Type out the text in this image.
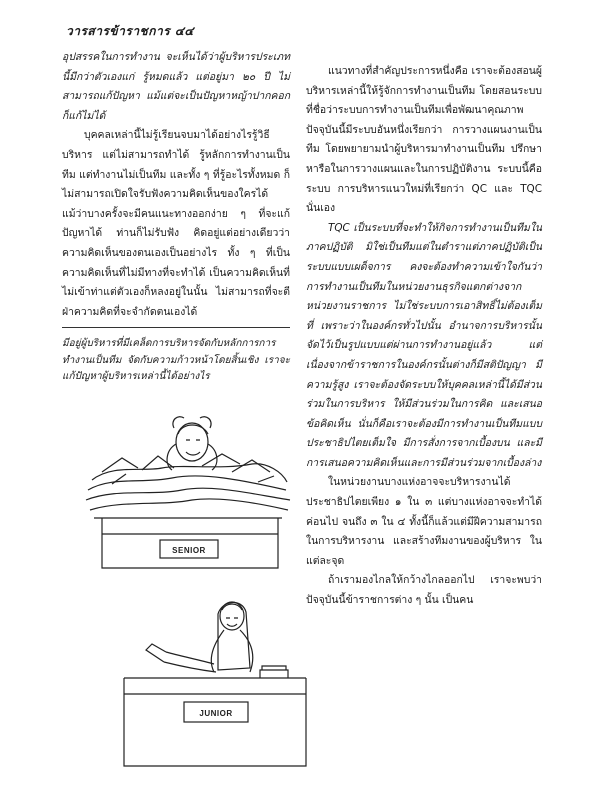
วารสารข้าราชการ ๔๔

อุปสรรคในการทำงาน จะเห็นได้ว่าผู้บริหารประเภทนี้มีกว่าตัวเองแก่ รู้หมดแล้ว แต่อยู่มา ๒๐ ปี ไม่สามารถแก้ปัญหา แม้แต่จะเป็นปัญหาหญ้าปากคอกก็แก้ไม่ได้

บุคคลเหล่านี้ไม่รู้เรียนจบมาได้อย่างไรรู้วิธีบริหาร แต่ไม่สามารถทำได้ รู้หลักการทำงานเป็นทีม แต่ทำงานไม่เป็นทีม และทั้ง ๆ ที่รู้อะไรทั้งหมด ก็ไม่สามารถเปิดใจรับฟังความคิดเห็นของใครได้ แม้ว่าบางครั้งจะมีคนแนะทางออกง่าย ๆ ที่จะแก้ปัญหาได้ ท่านก็ไม่รับฟัง คิดอยู่แต่อย่างเดียวว่า ความคิดเห็นของตนเองเป็นอย่างไร ทั้ง ๆ ที่เป็นความคิดเห็นที่ไม่มีทางที่จะทำได้ เป็นความคิดเห็นที่ไม่เข้าท่าแต่ตัวเองก็หลงอยู่ในนั้น ไม่สามารถที่จะตีฝ่าความคิดที่จะจำกัดตนเองได้

มีอยู่ผู้บริหารที่มีเคล็ดการบริหารจัดกับหลักการการทำงานเป็นทีม จัดกับความก้าวหน้าโดยสิ้นเชิง เราจะแก้ปัญหาผู้บริหารเหล่านี้ได้อย่างไร

แนวทางที่สำคัญประการหนึ่งคือ เราจะต้องสอนผู้บริหารเหล่านี้ให้รู้จักการทำงานเป็นทีม โดยสอนระบบที่ชื่อว่าระบบการทำงานเป็นทีมเพื่อพัฒนาคุณภาพ ปัจจุบันนี้มีระบบอันหนึ่งเรียกว่า การวางแผนงานเป็นทีม โดยพยายามนำผู้บริหารมาทำงานเป็นทีม ปรึกษาหารือในการวางแผนและในการปฏิบัติงาน ระบบนี้คือระบบ การบริหารแนวใหม่ที่เรียกว่า QC และ TQC นั่นเอง

TQC เป็นระบบที่จะทำให้กิจการทำงานเป็นทีมในภาคปฏิบัติ มิใช่เป็นทีมแต่ในตำราแต่ภาคปฏิบัติเป็นระบบแบบเผด็จการ คงจะต้องทำความเข้าใจกันว่า การทำงานเป็นทีมในหน่วยงานธุรกิจแตกต่างจากหน่วยงานราชการ ไม่ใช่ระบบการเอาสิทธิ์ไม่ต้องเต็มที่ เพราะว่าในองค์กรทั่วไปนั้น อำนาจการบริหารนั้นจัดไว้เป็นรูปแบบแต่ผ่านการทำงานอยู่แล้ว แต่เนื่องจากข้าราชการในองค์กรนั้นต่างก็มีสติปัญญา มีความรู้สูง เราจะต้องจัดระบบให้บุคคลเหล่านี้ได้มีส่วนร่วมในการบริหาร ให้มีส่วนร่วมในการคิด และเสนอข้อคิดเห็น นั่นก็คือเราจะต้องมีการทำงานเป็นทีมแบบประชาธิปไตยเต็มใจ มีการสั่งการจากเบื้องบน และมีการเสนอความคิดเห็นและการมีส่วนร่วมจากเบื้องล่าง

ในหน่วยงานบางแห่งอาจจะบริหารงานได้ประชาธิปไตยเพียง ๑ ใน ๓ แต่บางแห่งอาจจะทำได้ค่อนไป จนถึง ๓ ใน ๔ ทั้งนี้ก็แล้วแต่มีฝีความสามารถในการบริหารงาน และสร้างทีมงานของผู้บริหาร ในแต่ละจุด

ถ้าเรามองไกลให้กว้างไกลออกไป เราจะพบว่าปัจจุบันนี้ข้าราชการต่าง ๆ นั้น เป็นคน

SENIOR
JUNIOR
